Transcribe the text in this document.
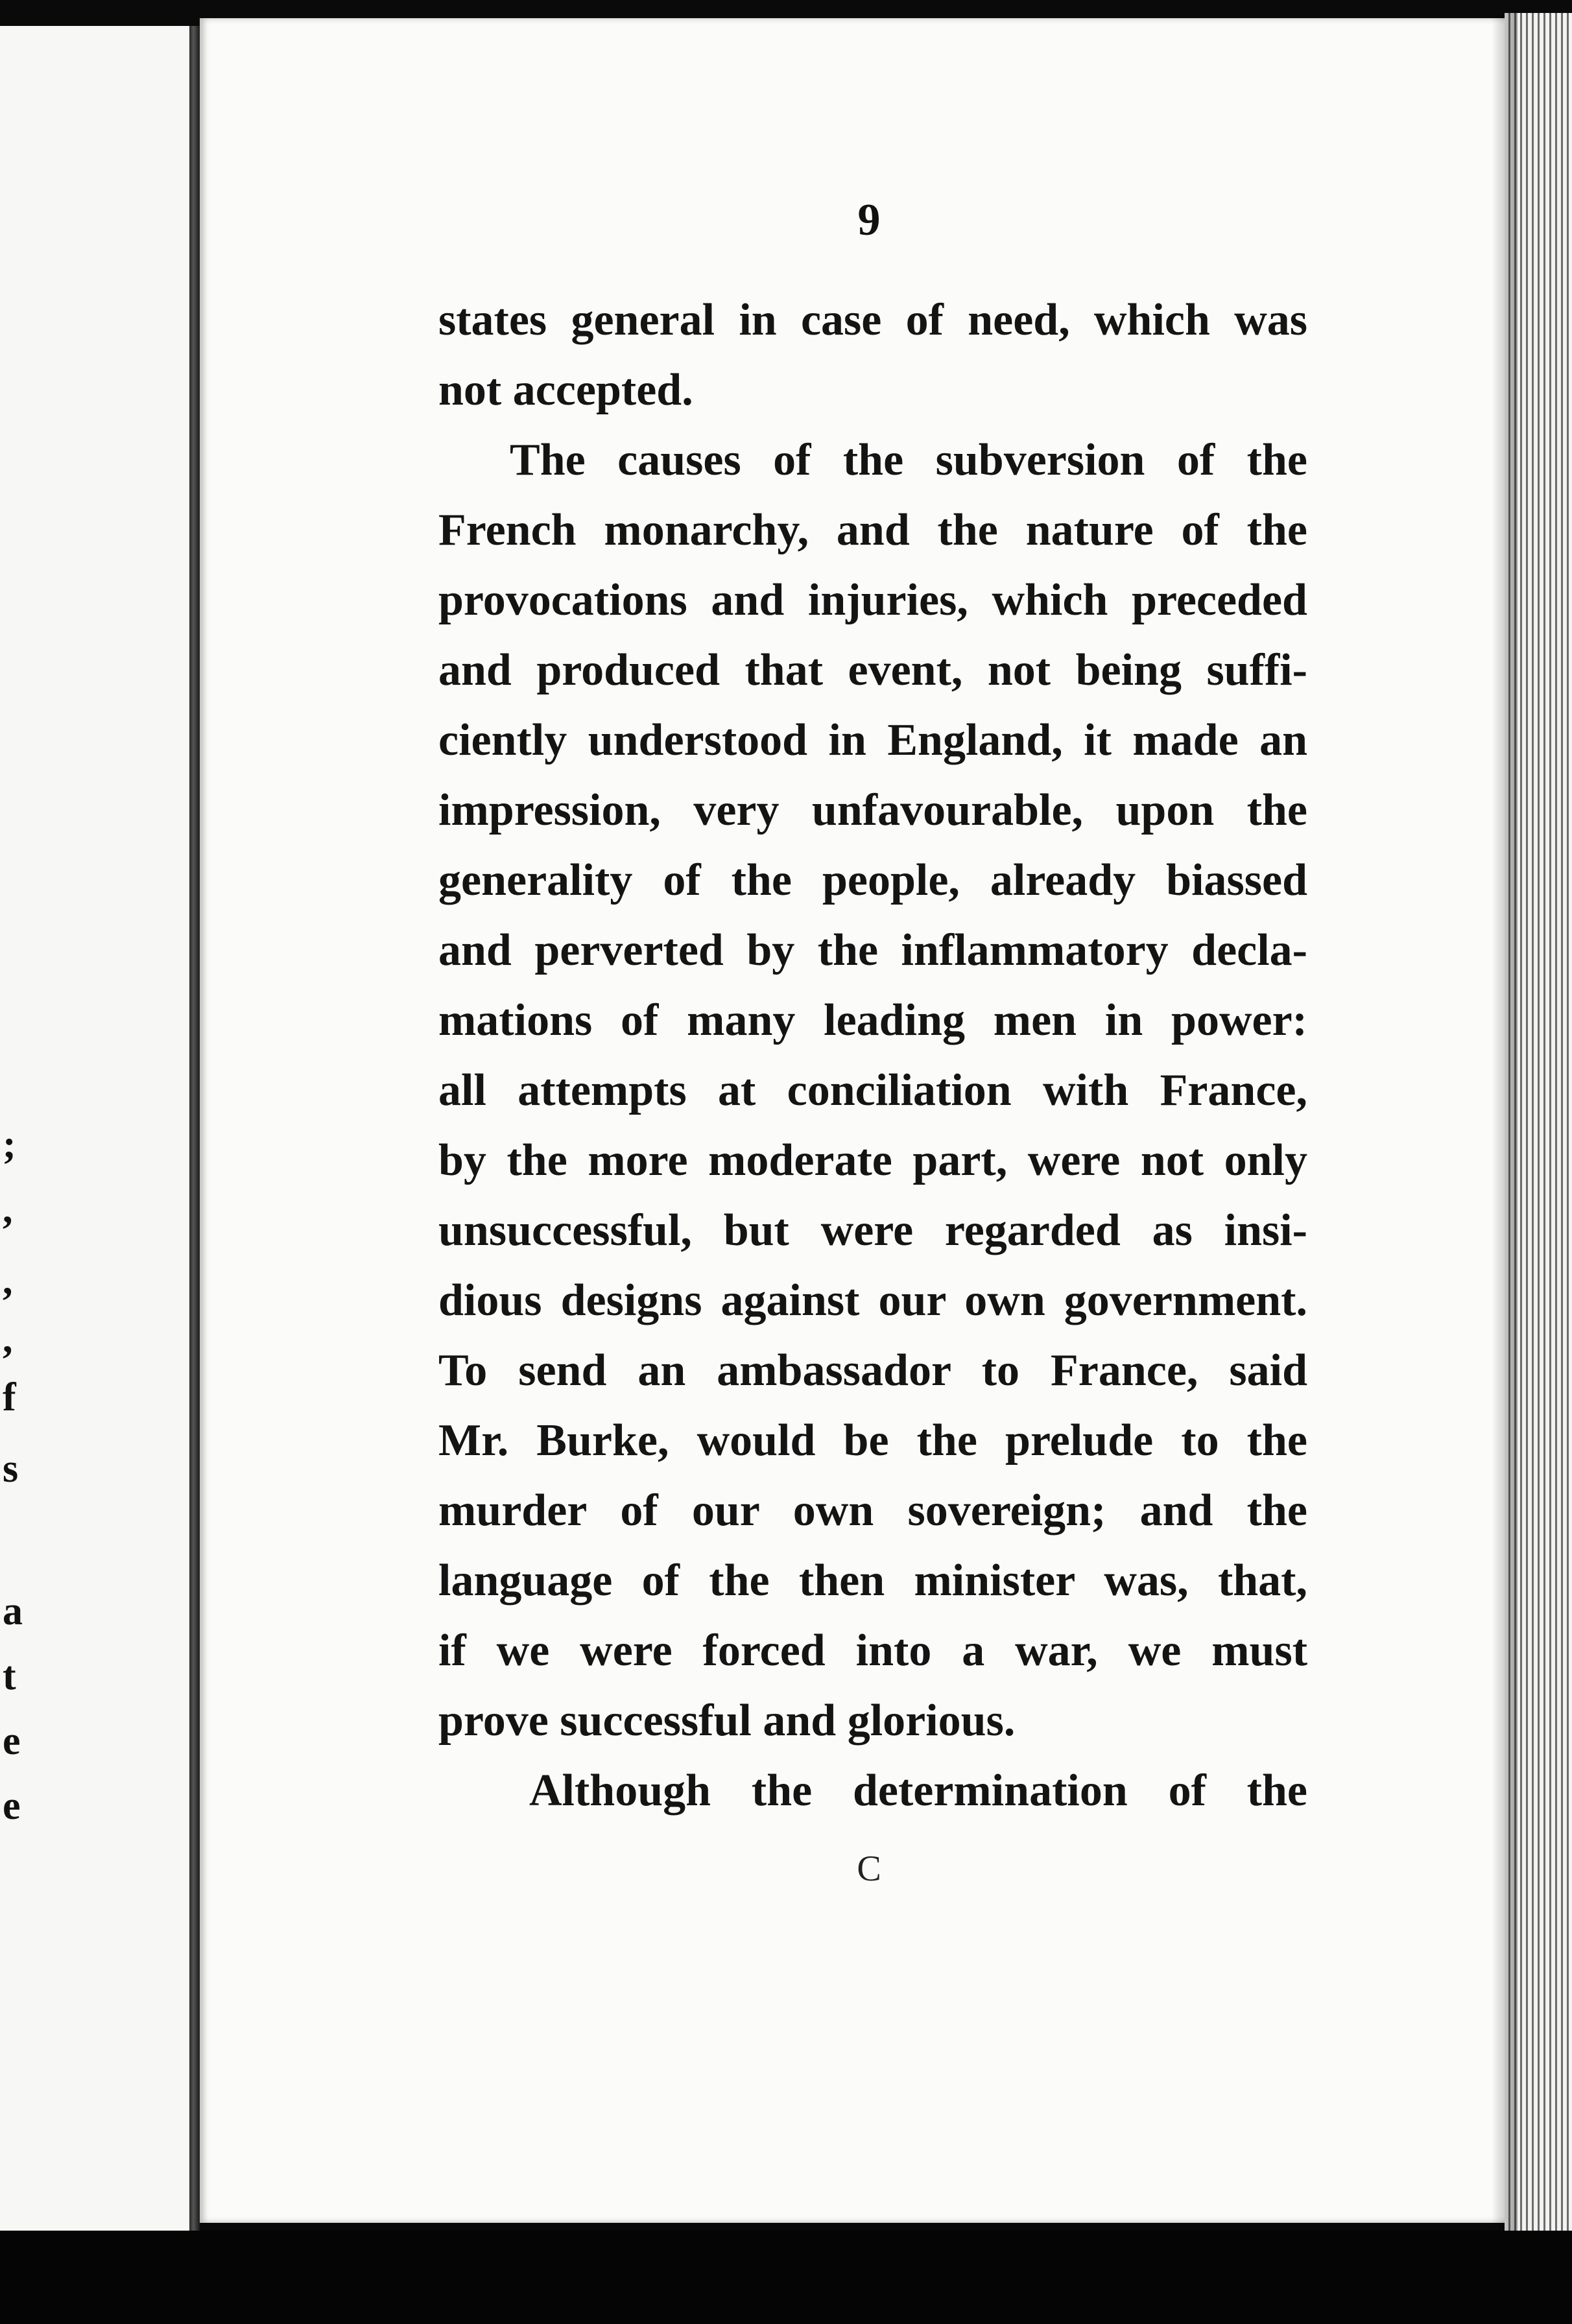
;
,
,
,
f
s
a
t
e
e
9
states general in case of need, which was
not accepted.
The causes of the subversion of the
French monarchy, and the nature of the
provocations and injuries, which preceded
and produced that event, not being suffi-
ciently understood in England, it made an
impression, very unfavourable, upon the
generality of the people, already biassed
and perverted by the inflammatory decla-
mations of many leading men in power:
all attempts at conciliation with France,
by the more moderate part, were not only
unsuccessful, but were regarded as insi-
dious designs against our own government.
To send an ambassador to France, said
Mr. Burke, would be the prelude to the
murder of our own sovereign; and the
language of the then minister was, that,
if we were forced into a war, we must
prove successful and glorious.
Although the determination of the
C
